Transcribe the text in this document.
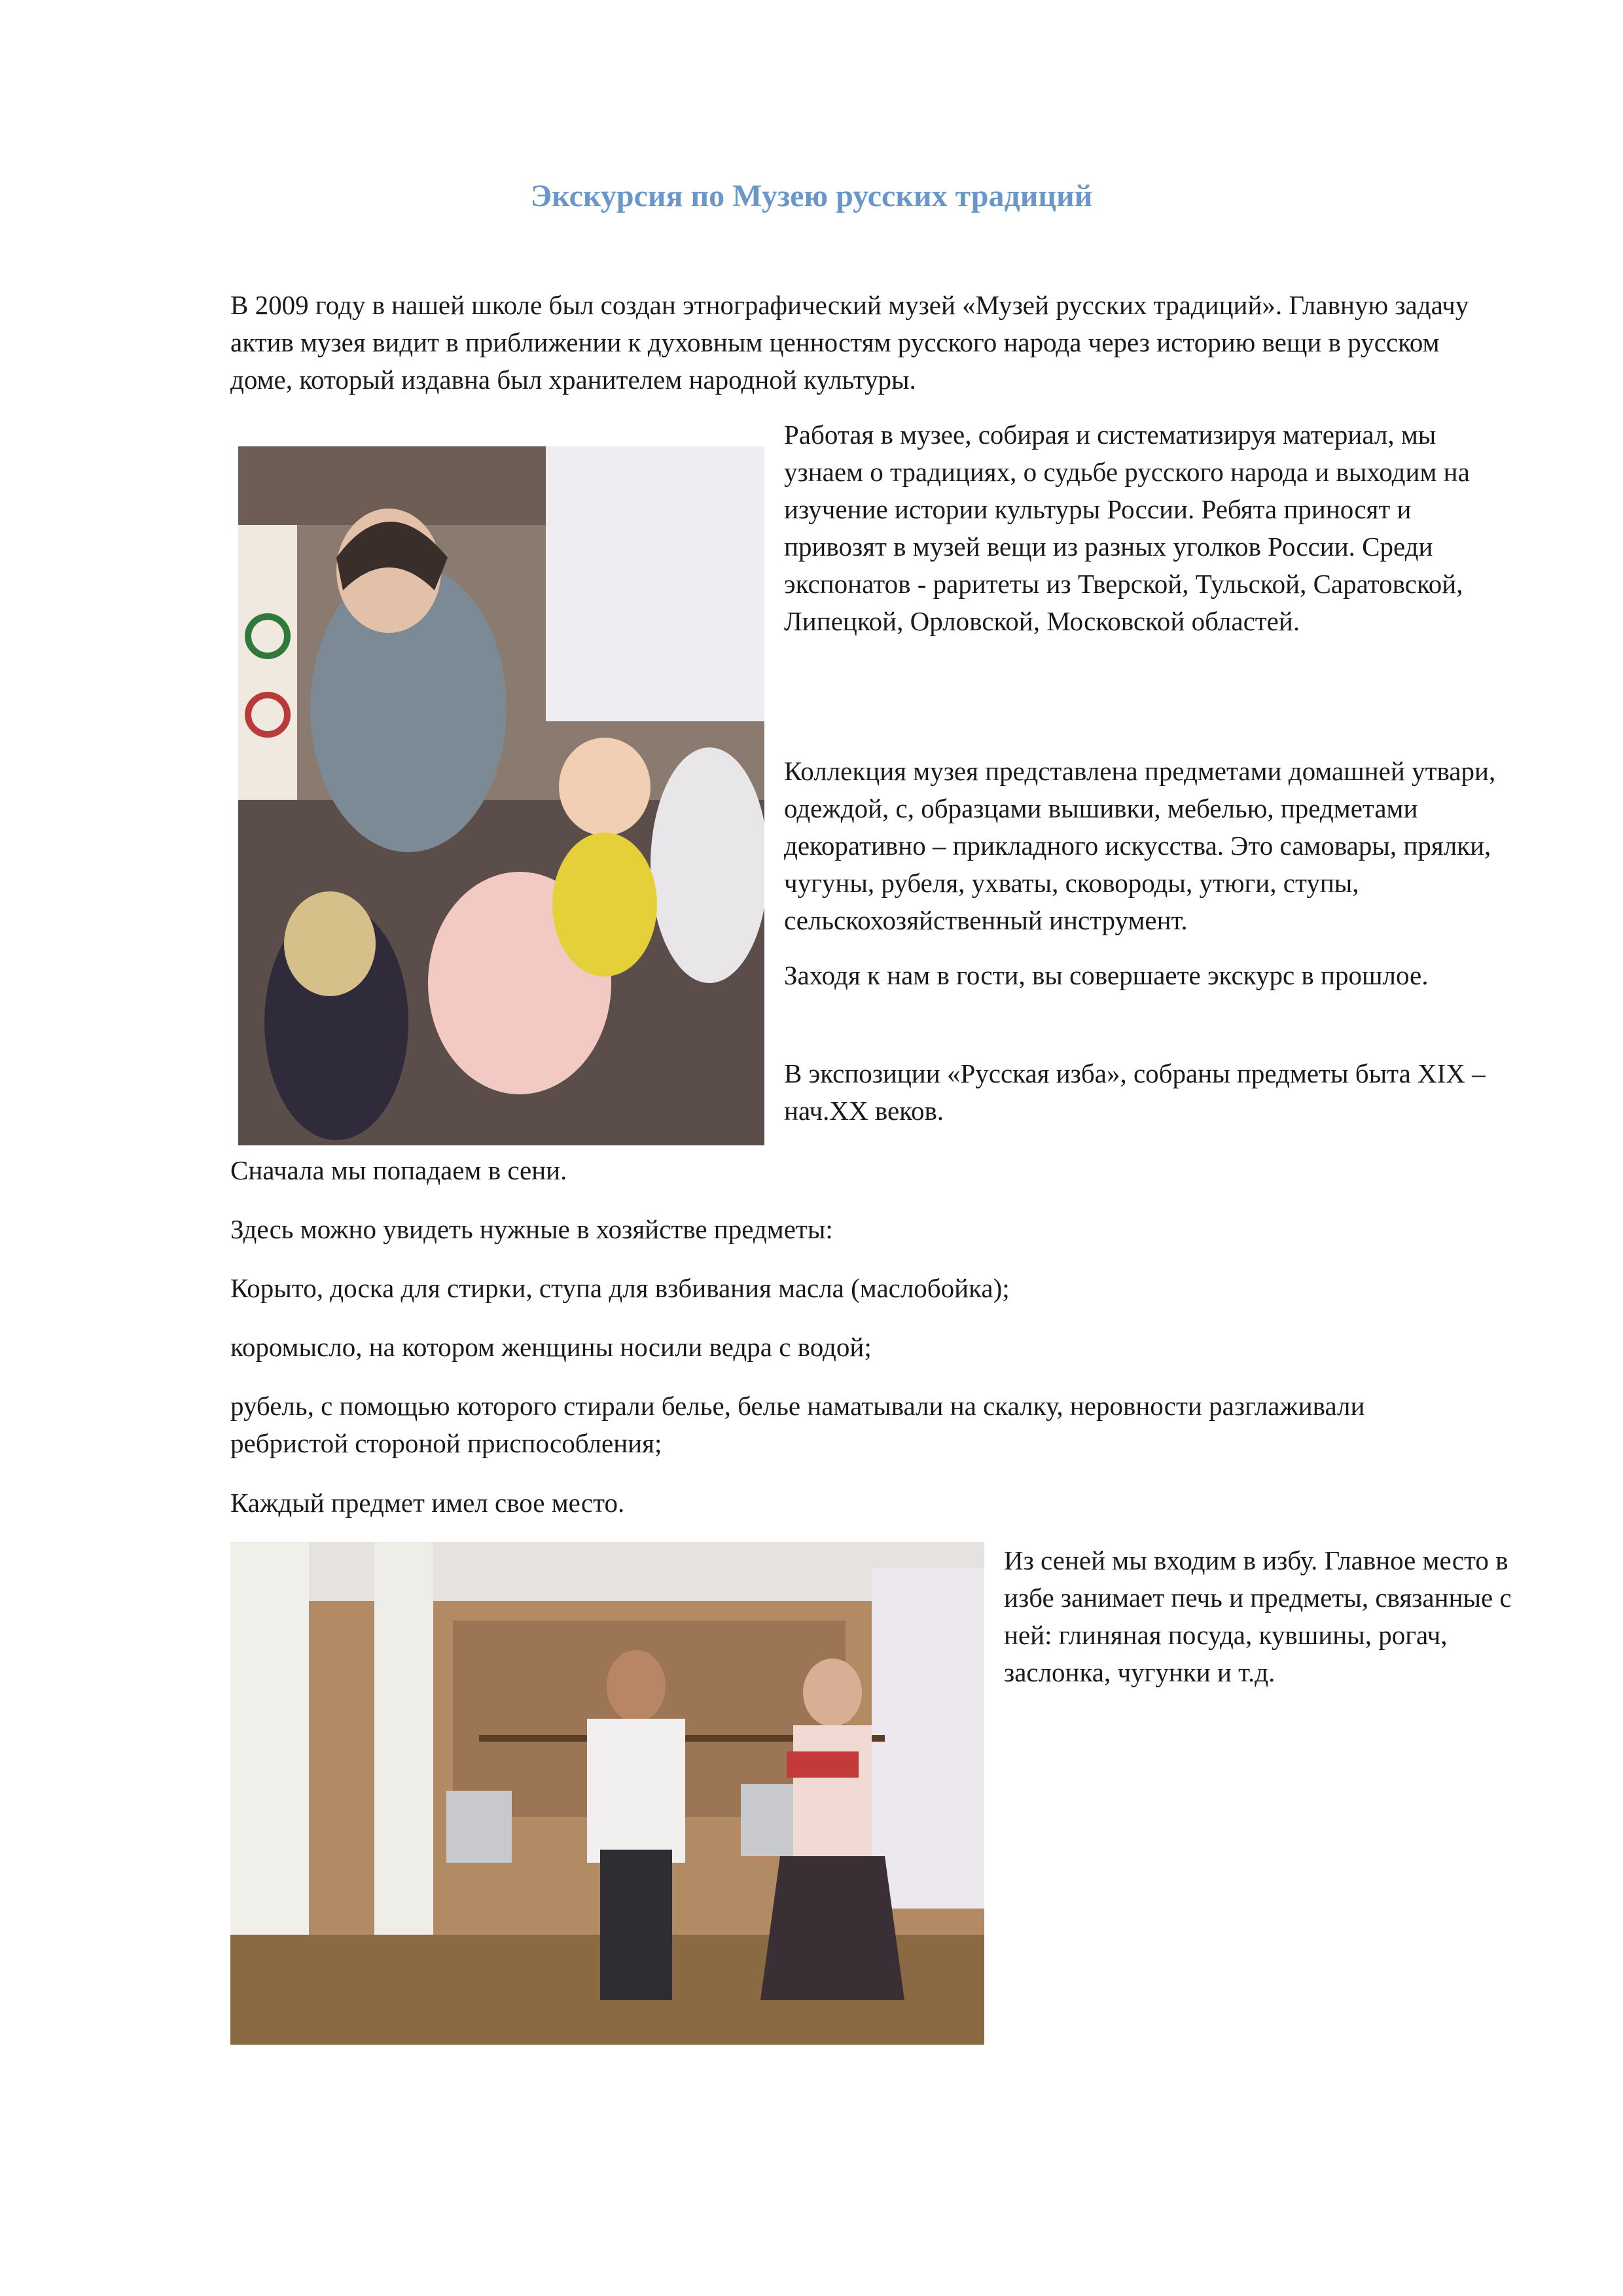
Экскурсия по Музею русских традиций

В 2009 году в нашей школе был создан этнографический музей «Музей русских традиций». Главную задачу актив музея видит в приближении к духовным ценностям русского народа через историю вещи в русском доме, который издавна был хранителем народной культуры.

Работая в музее, собирая и систематизируя материал, мы узнаем о традициях, о судьбе русского народа и выходим на изучение истории культуры России. Ребята приносят и привозят в музей вещи из разных уголков России. Среди экспонатов - раритеты из Тверской, Тульской, Саратовской, Липецкой, Орловской, Московской областей.

Коллекция музея представлена предметами домашней утвари, одеждой, с, образцами вышивки, мебелью, предметами декоративно – прикладного искусства. Это самовары, прялки, чугуны, рубеля, ухваты, сковороды, утюги, ступы, сельскохозяйственный инструмент.

Заходя к нам в гости, вы совершаете экскурс в прошлое.

В экспозиции «Русская изба», собраны предметы быта XIX – нач.XX веков.

Сначала мы попадаем в сени.

Здесь можно увидеть нужные в хозяйстве предметы:

Корыто, доска для стирки, ступа для взбивания масла (маслобойка);

коромысло, на котором женщины носили ведра с водой;

рубель, с помощью которого стирали белье, белье наматывали на скалку, неровности разглаживали ребристой стороной приспособления;

Каждый предмет имел свое место.

Из сеней мы входим в избу. Главное место в избе занимает печь и предметы, связанные с ней: глиняная посуда, кувшины, рогач, заслонка, чугунки и т.д.
